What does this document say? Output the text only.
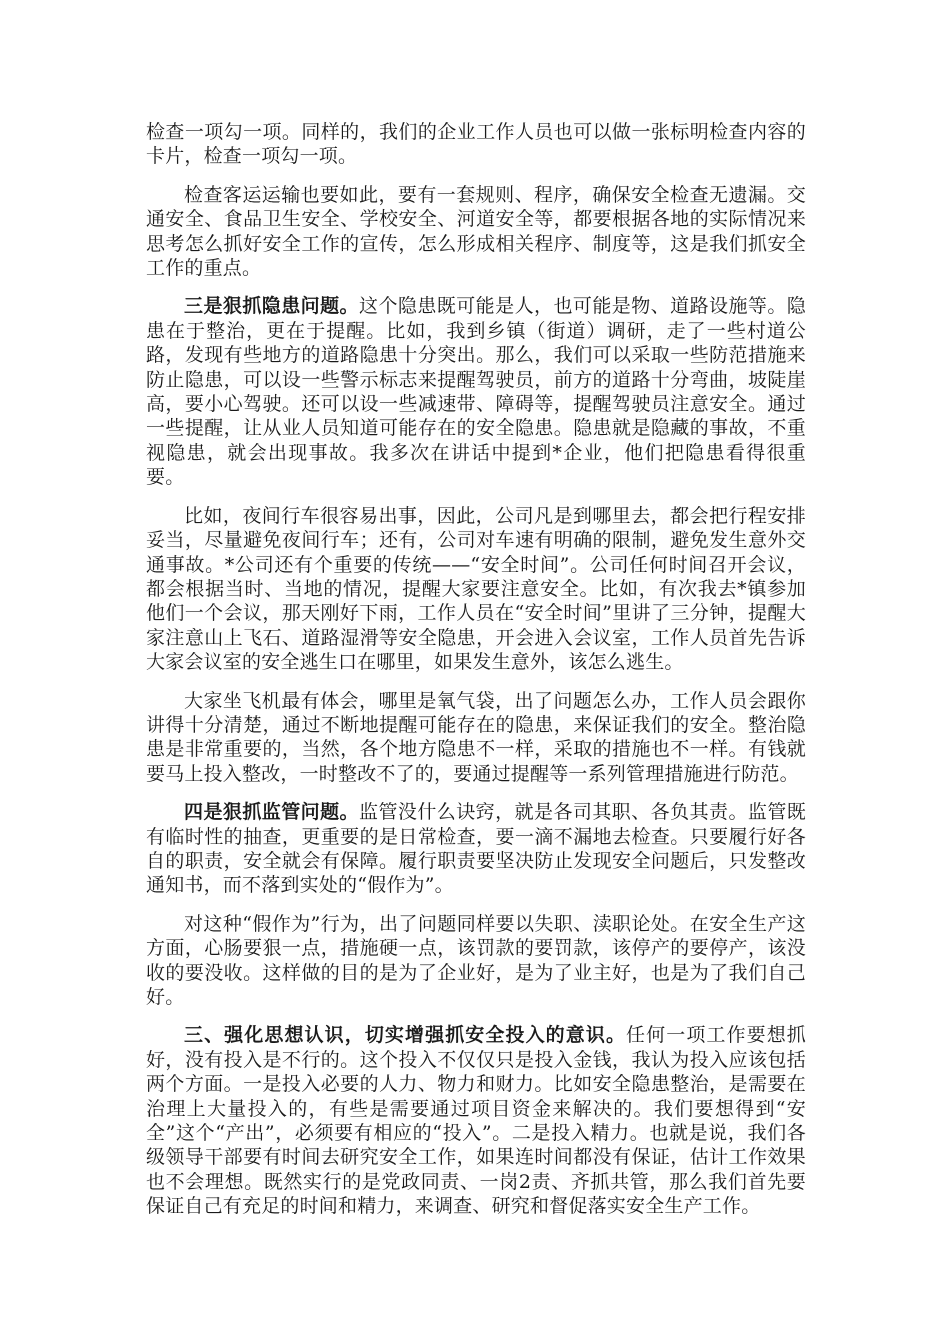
检查一项勾一项。同样的，我们的企业工作人员也可以做一张标明检查内容的卡片，检查一项勾一项。

检查客运运输也要如此，要有一套规则、程序，确保安全检查无遗漏。交通安全、食品卫生安全、学校安全、河道安全等，都要根据各地的实际情况来思考怎么抓好安全工作的宣传，怎么形成相关程序、制度等，这是我们抓安全工作的重点。

三是狠抓隐患问题。这个隐患既可能是人，也可能是物、道路设施等。隐患在于整治，更在于提醒。比如，我到乡镇（街道）调研，走了一些村道公路，发现有些地方的道路隐患十分突出。那么，我们可以采取一些防范措施来防止隐患，可以设一些警示标志来提醒驾驶员，前方的道路十分弯曲，坡陡崖高，要小心驾驶。还可以设一些减速带、障碍等，提醒驾驶员注意安全。通过一些提醒，让从业人员知道可能存在的安全隐患。隐患就是隐藏的事故，不重视隐患，就会出现事故。我多次在讲话中提到*企业，他们把隐患看得很重要。

比如，夜间行车很容易出事，因此，公司凡是到哪里去，都会把行程安排妥当，尽量避免夜间行车；还有，公司对车速有明确的限制，避免发生意外交通事故。*公司还有个重要的传统——“安全时间”。公司任何时间召开会议，都会根据当时、当地的情况，提醒大家要注意安全。比如，有次我去*镇参加他们一个会议，那天刚好下雨，工作人员在“安全时间”里讲了三分钟，提醒大家注意山上飞石、道路湿滑等安全隐患，开会进入会议室，工作人员首先告诉大家会议室的安全逃生口在哪里，如果发生意外，该怎么逃生。

大家坐飞机最有体会，哪里是氧气袋，出了问题怎么办，工作人员会跟你讲得十分清楚，通过不断地提醒可能存在的隐患，来保证我们的安全。整治隐患是非常重要的，当然，各个地方隐患不一样，采取的措施也不一样。有钱就要马上投入整改，一时整改不了的，要通过提醒等一系列管理措施进行防范。

四是狠抓监管问题。监管没什么诀窍，就是各司其职、各负其责。监管既有临时性的抽查，更重要的是日常检查，要一滴不漏地去检查。只要履行好各自的职责，安全就会有保障。履行职责要坚决防止发现安全问题后，只发整改通知书，而不落到实处的“假作为”。

对这种“假作为”行为，出了问题同样要以失职、渎职论处。在安全生产这方面，心肠要狠一点，措施硬一点，该罚款的要罚款，该停产的要停产，该没收的要没收。这样做的目的是为了企业好，是为了业主好，也是为了我们自己好。

三、强化思想认识，切实增强抓安全投入的意识。任何一项工作要想抓好，没有投入是不行的。这个投入不仅仅只是投入金钱，我认为投入应该包括两个方面。一是投入必要的人力、物力和财力。比如安全隐患整治，是需要在治理上大量投入的，有些是需要通过项目资金来解决的。我们要想得到“安全”这个“产出”，必须要有相应的“投入”。二是投入精力。也就是说，我们各级领导干部要有时间去研究安全工作，如果连时间都没有保证，估计工作效果也不会理想。既然实行的是党政同责、一岗2责、齐抓共管，那么我们首先要保证自己有充足的时间和精力，来调查、研究和督促落实安全生产工作。
